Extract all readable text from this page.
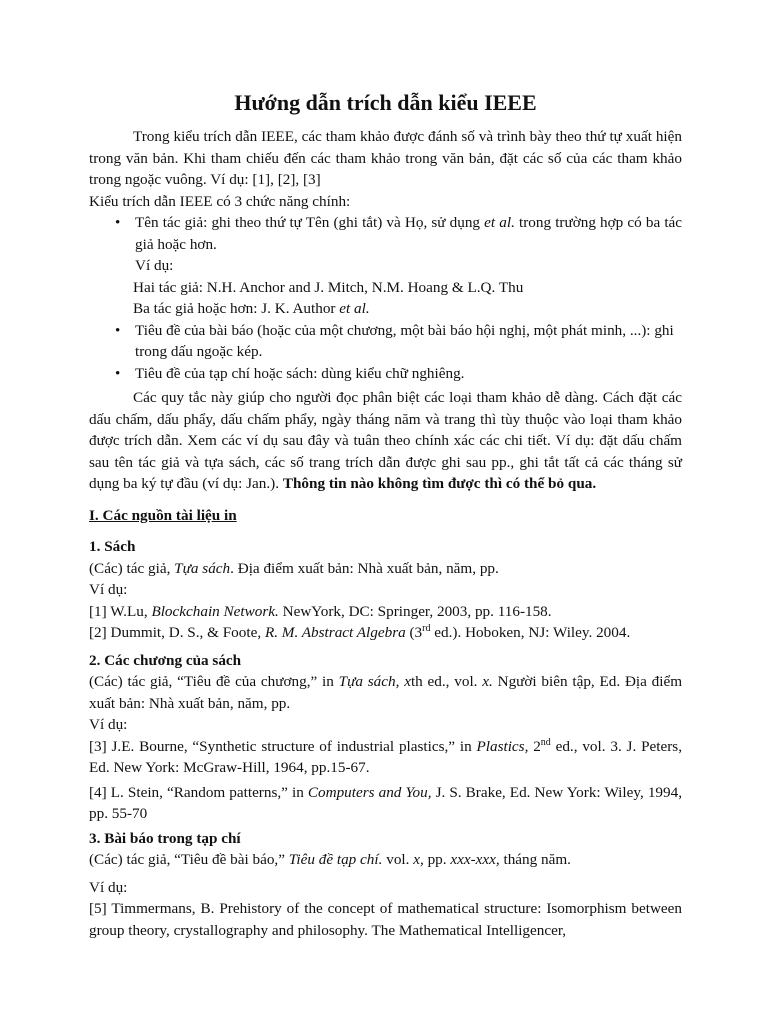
Hướng dẫn trích dẫn kiểu IEEE

Trong kiểu trích dẫn IEEE, các tham khảo được đánh số và trình bày theo thứ tự xuất hiện trong văn bản. Khi tham chiếu đến các tham khảo trong văn bản, đặt các số của các tham khảo trong ngoặc vuông. Ví dụ: [1], [2], [3]

Kiểu trích dẫn IEEE có 3 chức năng chính:

• Tên tác giả: ghi theo thứ tự Tên (ghi tắt) và Họ, sử dụng et al. trong trường hợp có ba tác giả hoặc hơn.

Ví dụ:

Hai tác giả: N.H. Anchor and J. Mitch, N.M. Hoang & L.Q. Thu

Ba tác giả hoặc hơn: J. K. Author et al.

• Tiêu đề của bài báo (hoặc của một chương, một bài báo hội nghị, một phát minh, ...): ghi trong dấu ngoặc kép.
• Tiêu đề của tạp chí hoặc sách: dùng kiểu chữ nghiêng.

Các quy tắc này giúp cho người đọc phân biệt các loại tham khảo dễ dàng. Cách đặt các dấu chấm, dấu phẩy, dấu chấm phẩy, ngày tháng năm và trang thì tùy thuộc vào loại tham khảo được trích dẫn. Xem các ví dụ sau đây và tuân theo chính xác các chi tiết. Ví dụ: đặt dấu chấm sau tên tác giả và tựa sách, các số trang trích dẫn được ghi sau pp., ghi tắt tất cả các tháng sử dụng ba ký tự đầu (ví dụ: Jan.). Thông tin nào không tìm được thì có thể bỏ qua.

I. Các nguồn tài liệu in

1. Sách

(Các) tác giả, Tựa sách. Địa điểm xuất bản: Nhà xuất bản, năm, pp.

Ví dụ:

[1] W.Lu, Blockchain Network. NewYork, DC: Springer, 2003, pp. 116-158.

[2] Dummit, D. S., & Foote, R. M. Abstract Algebra (3rd ed.). Hoboken, NJ: Wiley. 2004.

2. Các chương của sách

(Các) tác giả, “Tiêu đề của chương,” in Tựa sách, xth ed., vol. x. Người biên tập, Ed. Địa điểm xuất bản: Nhà xuất bản, năm, pp.

Ví dụ:

[3] J.E. Bourne, “Synthetic structure of industrial plastics,” in Plastics, 2nd ed., vol. 3. J. Peters, Ed. New York: McGraw-Hill, 1964, pp.15-67.

[4] L. Stein, “Random patterns,” in Computers and You, J. S. Brake, Ed. New York: Wiley, 1994, pp. 55-70

3. Bài báo trong tạp chí

(Các) tác giả, “Tiêu đề bài báo,” Tiêu đề tạp chí. vol. x, pp. xxx-xxx, tháng năm.

Ví dụ:

[5] Timmermans, B. Prehistory of the concept of mathematical structure: Isomorphism between group theory, crystallography and philosophy. The Mathematical Intelligencer,
